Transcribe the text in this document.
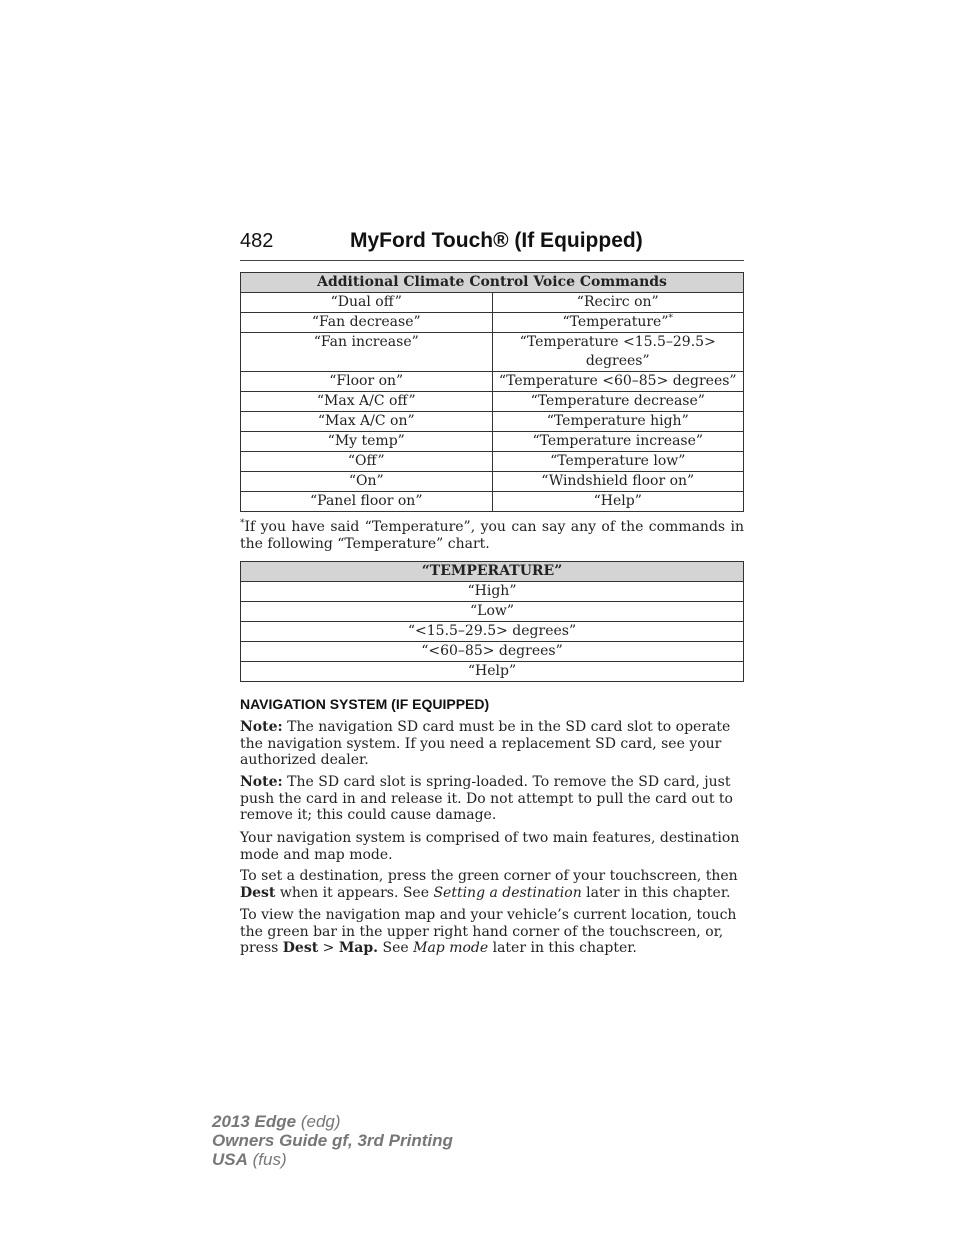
482	MyFord Touch® (If Equipped)
Additional Climate Control Voice Commands	
“Dual off”	“Recirc on”
“Fan decrease”	“Temperature”*
“Fan increase”	“Temperature <15.5–29.5> degrees”
“Floor on”	“Temperature <60–85> degrees”
“Max A/C off”	“Temperature decrease”
“Max A/C on”	“Temperature high”
“My temp”	“Temperature increase”
“Off”	“Temperature low”
“On”	“Windshield floor on”
“Panel floor on”	“Help”
*If you have said “Temperature”, you can say any of the commands in the following “Temperature” chart.
“TEMPERATURE”
“High”
“Low”
“<15.5–29.5> degrees”
“<60–85> degrees”
“Help”
NAVIGATION SYSTEM (IF EQUIPPED)

Note: The navigation SD card must be in the SD card slot to operate the navigation system. If you need a replacement SD card, see your authorized dealer.

Note: The SD card slot is spring-loaded. To remove the SD card, just push the card in and release it. Do not attempt to pull the card out to remove it; this could cause damage.

Your navigation system is comprised of two main features, destination mode and map mode.

To set a destination, press the green corner of your touchscreen, then Dest when it appears. See Setting a destination later in this chapter.

To view the navigation map and your vehicle’s current location, touch the green bar in the upper right hand corner of the touchscreen, or, press Dest > Map. See Map mode later in this chapter.

2013 Edge (edg)
Owners Guide gf, 3rd Printing
USA (fus)
